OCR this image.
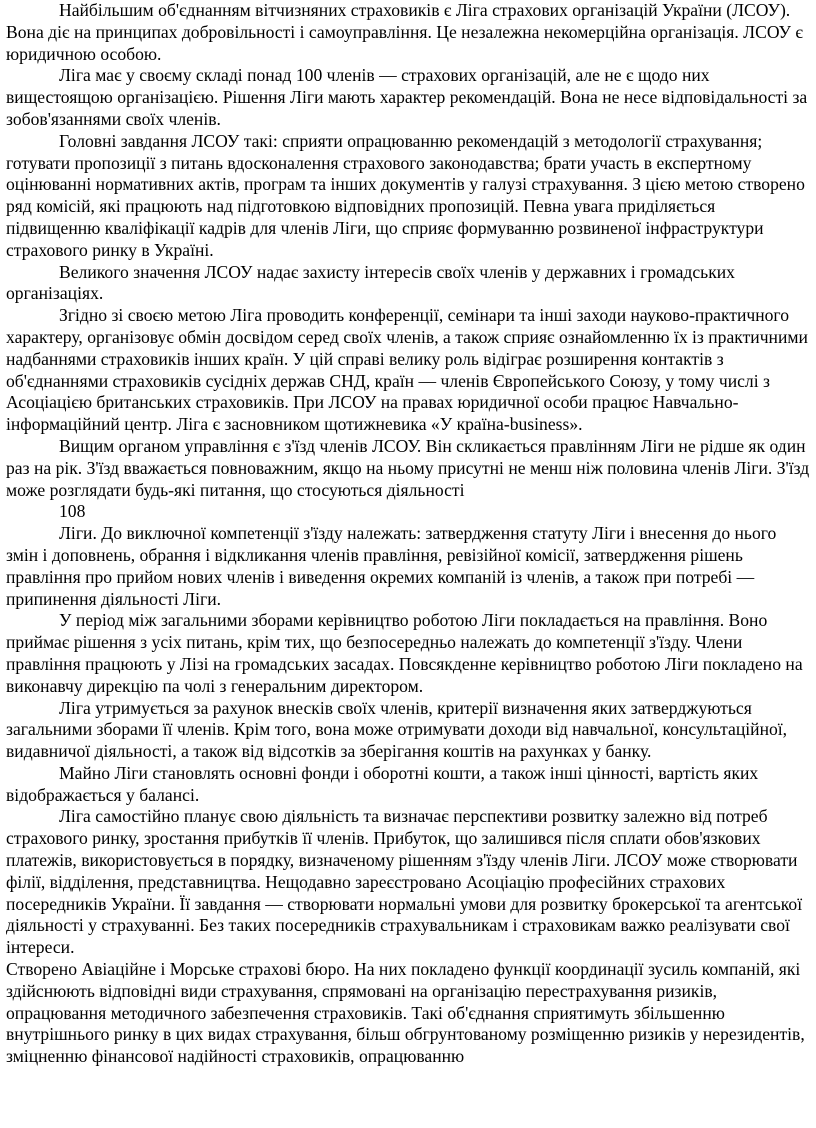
Найбільшим об'єднанням вітчизняних страховиків є Ліга страхових організацій України (ЛСОУ). Вона діє на принципах добровільності і самоуправління. Це незалежна некомерційна організація. ЛСОУ є юридичною особою.

Ліга має у своєму складі понад 100 членів — страхових організацій, але не є щодо них вищестоящою організацією. Рішення Ліги мають характер рекомендацій. Вона не несе відповідальності за зобов'язаннями своїх членів.

Головні завдання ЛСОУ такі: сприяти опрацюванню рекомендацій з методології страхування; готувати пропозиції з питань вдосконалення страхового законодавства; брати участь в експертному оцінюванні нормативних актів, програм та інших документів у галузі страхування. З цією метою створено ряд комісій, які працюють над підготовкою відповідних пропозицій. Певна увага приділяється підвищенню кваліфікації кадрів для членів Ліги, що сприяє формуванню розвиненої інфраструктури страхового ринку в Україні.

Великого значення ЛСОУ надає захисту інтересів своїх членів у державних і громадських організаціях.

Згідно зі своєю метою Ліга проводить конференції, семінари та інші заходи науково-практичного характеру, організовує обмін досвідом серед своїх членів, а також сприяє ознайомленню їх із практичними надбаннями страховиків інших країн. У цій справі велику роль відіграє розширення контактів з об'єднаннями страховиків сусідніх держав СНД, країн — членів Європейського Союзу, у тому числі з Асоціацією британських страховиків. При ЛСОУ на правах юридичної особи працює Навчально-інформаційний центр. Ліга є засновником щотижневика «У країна-business».

Вищим органом управління є з'їзд членів ЛСОУ. Він скликається правлінням Ліги не рідше як один раз на рік. З'їзд вважається повноважним, якщо на ньому присутні не менш ніж половина членів Ліги. З'їзд може розглядати будь-які питання, що стосуються діяльності

108

Ліги. До виключної компетенції з'їзду належать: затвердження статуту Ліги і внесення до нього змін і доповнень, обрання і відкликання членів правління, ревізійної комісії, затвердження рішень правління про прийом нових членів і виведення окремих компаній із членів, а також при потребі — припинення діяльності Ліги.

У період між загальними зборами керівництво роботою Ліги покладається на правління. Воно приймає рішення з усіх питань, крім тих, що безпосередньо належать до компетенції з'їзду. Члени правління працюють у Лізі на громадських засадах. Повсякденне керівництво роботою Ліги покладено на виконавчу дирекцію па чолі з генеральним директором.

Ліга утримується за рахунок внесків своїх членів, критерії визначення яких затверджуються загальними зборами її членів. Крім того, вона може отримувати доходи від навчальної, консультаційної, видавничої діяльності, а також від відсотків за зберігання коштів на рахунках у банку.

Майно Ліги становлять основні фонди і оборотні кошти, а також інші цінності, вартість яких відображається у балансі.

Ліга самостійно планує свою діяльність та визначає перспективи розвитку залежно від потреб страхового ринку, зростання прибутків її членів. Прибуток, що залишився після сплати обов'язкових платежів, використовується в порядку, визначеному рішенням з'їзду членів Ліги. ЛСОУ може створювати філії, відділення, представництва. Нещодавно зареєстровано Асоціацію професійних страхових посередників України. Її завдання — створювати нормальні умови для розвитку брокерської та агентської діяльності у страхуванні. Без таких посередників страхувальникам і страховикам важко реалізувати свої інтереси.

Створено Авіаційне і Морське страхові бюро. На них покладено функції координації зусиль компаній, які здійснюють відповідні види страхування, спрямовані на організацію перестрахування ризиків, опрацювання методичного забезпечення страховиків. Такі об'єднання сприятимуть збільшенню внутрішнього ринку в цих видах страхування, більш обгрунтованому розміщенню ризиків у нерезидентів, зміцненню фінансової надійності страховиків, опрацюванню
